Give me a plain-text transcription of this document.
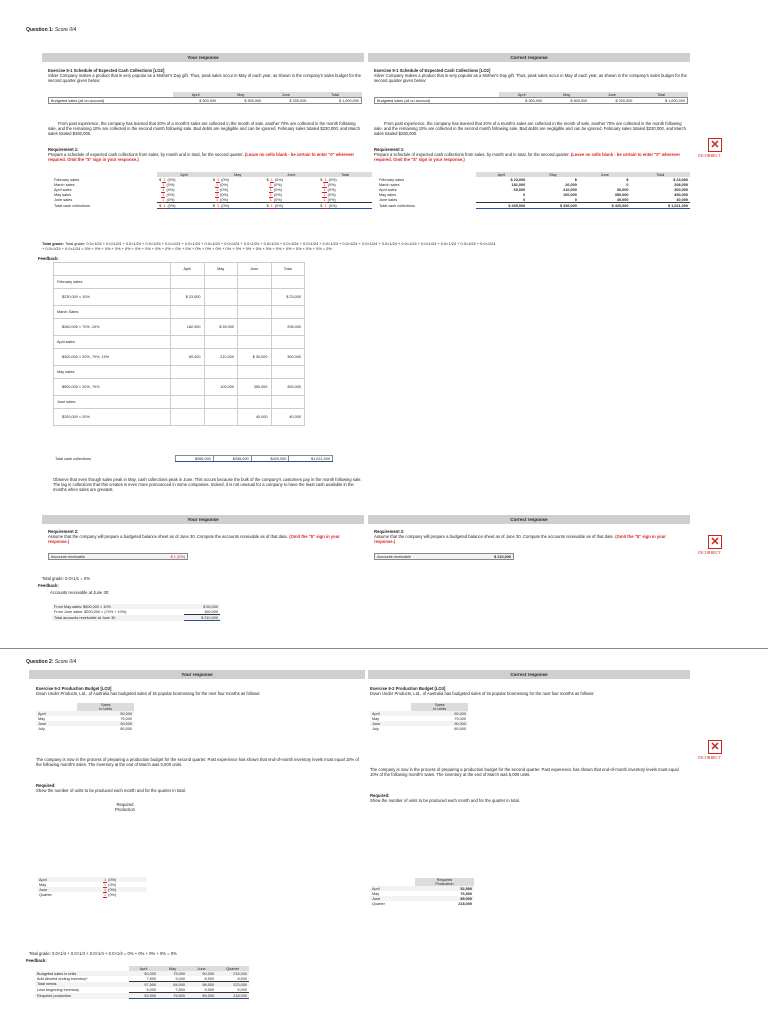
Question 1: Score 0/4
Your response	Correct response
Exercise 9-1 Schedule of Expected Cash Collections [LO2]
Silver Company makes a product that is very popular as a Mother's Day gift. Thus, peak sales occur in May of each year, as shown in the company's sales budget for the second quarter given below:
Exercise 9-1 Schedule of Expected Cash Collections [LO2]
Silver Company makes a product that is very popular as a Mother's Day gift. Thus, peak sales occur in May of each year, as shown in the company's sales budget for the second quarter given below:
	April	May	June	Total
Budgeted sales (all on account)	$ 300,000	$ 500,000	$ 200,000	$ 1,000,000
	April	May	June	Total
Budgeted sales (all on account)	$ 300,000	$ 500,000	$ 200,000	$ 1,000,000
From past experience, the company has learned that 20% of a month's sales are collected in the month of sale, another 70% are collected in the month following sale, and the remaining 10% are collected in the second month following sale. Bad debts are negligible and can be ignored. February sales totaled $230,000, and March sales totaled $260,000.
From past experience, the company has learned that 20% of a month's sales are collected in the month of sale, another 70% are collected in the month following sale, and the remaining 10% are collected in the second month following sale. Bad debts are negligible and can be ignored. February sales totaled $230,000, and March sales totaled $260,000.
Requirement 1:
Prepare a schedule of expected cash collections from sales, by month and in total, for the second quarter. (Leave no cells blank - be certain to enter "0" wherever required. Omit the "$" sign in your response.)
Requirement 1:
Prepare a schedule of expected cash collections from sales, by month and in total, for the second quarter. (Leave no cells blank - be certain to enter "0" wherever required. Omit the "$" sign in your response.)
	April	May	June	Total
February sales	$ 1 (0%)	$ 1 (0%)	$ 1 (0%)	$ 1 (0%)
March sales	1 (0%)	1 (0%)	1 (0%)	1 (0%)
April sales	1 (0%)	1 (0%)	1 (0%)	1 (0%)
May sales	1 (0%)	1 (0%)	1 (0%)	1 (0%)
June sales	1 (0%)	1 (0%)	1 (0%)	1 (0%)
Total cash collections	$ 1 (0%)	$ 1 (0%)	$ 1 (0%)	$ 1 (0%)
	April	May	June	Total
February sales	$ 23,000	$	$	$ 23,000
March sales	182,000	26,000	0	208,000
April sales	60,000	210,000	30,000	300,000
May sales	0	100,000	350,000	450,000
June sales	0	0	40,000	40,000
Total cash collections	$ 265,000	$ 336,000	$ 420,000	$ 1,021,000
✕
INCORRECT
Total grade: Total grade: 0.0×1/24 + 0.0×1/24 + 0.0×1/24 + 0.0×1/24 + 0.0×1/24 + 0.0×1/24 + 0.0×1/24 + 0.0×1/24 + 0.0×1/24 + 0.0×1/24 + 0.0×1/24 + 0.0×1/24 + 0.0×1/24 + 0.0×1/24 + 0.0×1/24 + 0.0×1/24 + 0.0×1/24 + 0.0×1/24 + 0.0×1/24 + 0.0×1/24 + 0.0×1/24
+ 0.0×1/24 + 0.0×1/24 = 0% + 0% + 0% + 0% + 0% + 0% + 0% + 0% + 0% + 0% + 0% + 0% + 0% + 0% + 0% + 0% + 0% + 0% + 0% + 0% + 0% + 0% + 0% + 0% = 0%
Feedback:
	April	May	June	Total
February sales:				
$230,000 × 10%	$ 23,000			$ 23,000
March Sales:				
$260,000 × 70%, 10%	182,000	$ 26,000		208,000
April sales:				
$300,000 × 20%, 70%, 10%	60,000	210,000	$ 30,000	300,000
May sales:				
$500,000 × 20%, 70%		100,000	350,000	450,000
June sales:				
$200,000 × 20%			40,000	40,000
Total cash collections	$265,000	$336,000	$420,000	$1,021,000
Observe that even though sales peak in May, cash collections peak in June. This occurs because the bulk of the company's customers pay in the month following sale. The lag in collections that this creates is even more pronounced in some companies. Indeed, it is not unusual for a company to have the least cash available in the months when sales are greatest.
Your response	Correct response
Requirement 2:
Assume that the company will prepare a budgeted balance sheet as of June 30. Compute the accounts receivable as of that date. (Omit the "$" sign in your response.)
Requirement 2:
Assume that the company will prepare a budgeted balance sheet as of June 30. Compute the accounts receivable as of that date. (Omit the "$" sign in your response.)
Accounts receivable	$ 1 (0%)	Accounts receivable	$ 210,000
✕
INCORRECT
Total grade: 0.0×1/1 = 0%
Feedback:
Accounts receivable at June 30:
From May sales: $500,000 × 10%	$ 50,000
From June sales: $200,000 × (70% + 10%)	160,000
Total accounts receivable at June 30	$ 210,000
Question 2: Score 0/4
Your response	Correct response
Exercise 9-2 Production Budget [LO3]
Down Under Products, Ltd., of Australia has budgeted sales of its popular boomerang for the next four months as follows:
Exercise 9-2 Production Budget [LO3]
Down Under Products, Ltd., of Australia has budgeted sales of its popular boomerang for the next four months as follows:
	Sales
in Units
April	50,000
May	75,000
June	90,000
July	80,000
	Sales
in Units
April	50,000
May	75,000
June	90,000
July	80,000
The company is now in the process of preparing a production budget for the second quarter. Past experience has shown that end-of-month inventory levels must equal 10% of the following month's sales. The inventory at the end of March was 5,000 units.
The company is now in the process of preparing a production budget for the second quarter. Past experience has shown that end-of-month inventory levels must equal 10% of the following month's sales. The inventory at the end of March was 5,000 units.
Required:
Show the number of units to be produced each month and for the quarter in total.
Required:
Show the number of units to be produced each month and for the quarter in total.
Required
Production
April	1 (0%)
May	1 (0%)
June	1 (0%)
Quarter	1 (0%)
	Required
Production
April	52,500
May	76,500
June	89,000
Quarter	218,000
✕
INCORRECT
Total grade: 0.0×1/4 + 0.0×1/4 + 0.0×1/4 + 0.0×1/4 = 0% + 0% + 0% + 0% = 0%
Feedback:
	April	May	June	Quarter
Budgeted sales in units	50,000	75,000	90,000	215,000
Add desired ending inventory*	7,500	9,000	8,000	8,000
Total needs	57,500	84,000	98,000	223,000
Less beginning inventory	5,000	7,500	9,000	5,000
Required production	52,500	76,500	89,000	218,000
